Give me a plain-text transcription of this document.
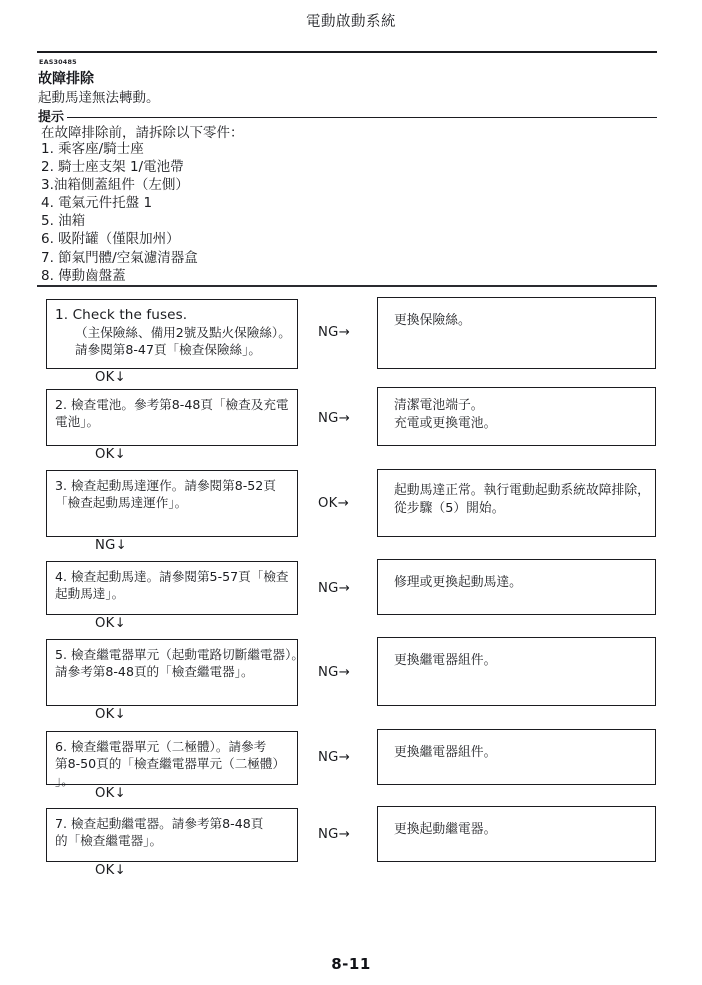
電動啟動系統
EAS30485
故障排除
起動馬達無法轉動。
提示
在故障排除前，請拆除以下零件：
1. 乘客座/騎士座
2. 騎士座支架 1/電池帶
3.油箱側蓋組件（左側）
4. 電氣元件托盤 1
5. 油箱
6. 吸附罐（僅限加州）
7. 節氣門體/空氣濾清器盒
8. 傳動齒盤蓋
1. Check the fuses.
（主保險絲、備用2號及點火保險絲）。
請參閱第8-47頁「檢查保險絲」。
NG→
更換保險絲。
OK↓
2. 檢查電池。參考第8-48頁「檢查及充電電池」。	NG→
清潔電池端子。
充電或更換電池。
OK↓
3. 檢查起動馬達運作。請參閱第8-52頁「檢查起動馬達運作」。	OK→
起動馬達正常。執行電動起動系統故障排除，
從步驟（5）開始。
NG↓
4. 檢查起動馬達。請參閱第5-57頁「檢查起動馬達」。	NG→	修理或更換起動馬達。
OK↓
5. 檢查繼電器單元（起動電路切斷繼電器）。
請參考第8-48頁的「檢查繼電器」。	NG→
更換繼電器組件。
OK↓
6. 檢查繼電器單元（二極體）。請參考
第8-50頁的「檢查繼電器單元（二極體）
」。
NG→	更換繼電器組件。
OK↓
7. 檢查起動繼電器。請參考第8-48頁
的「檢查繼電器」。	NG→	更換起動繼電器。
OK↓
8-11
